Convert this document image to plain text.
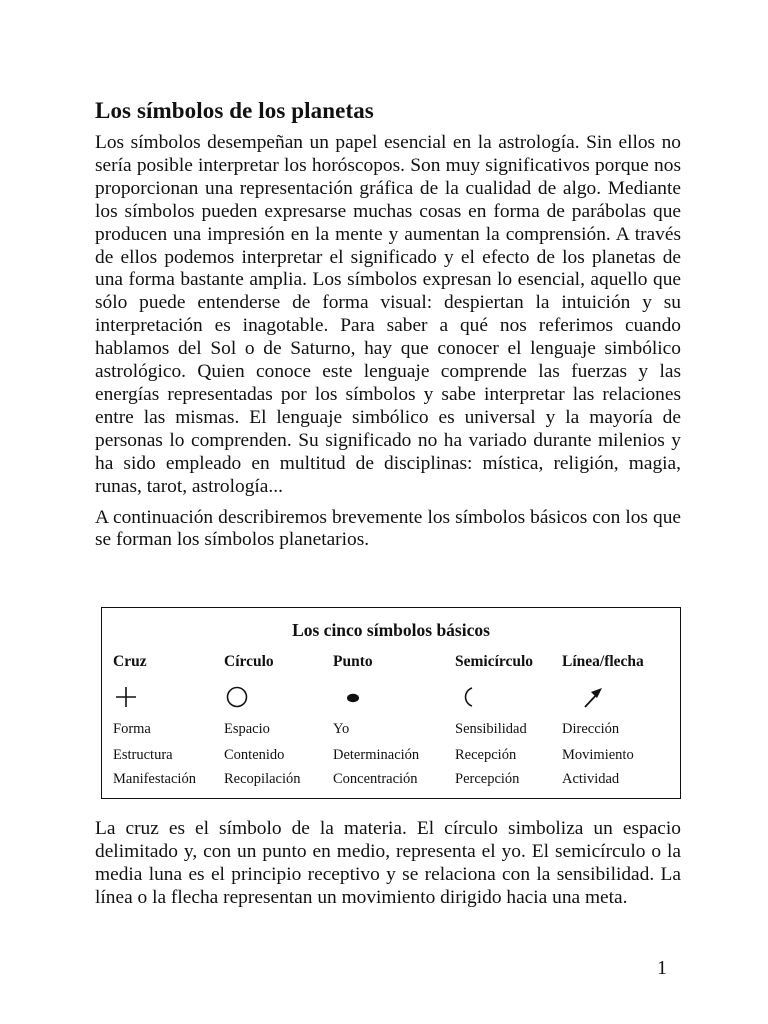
Los símbolos de los planetas

Los símbolos desempeñan un papel esencial en la astrología. Sin ellos no sería posible interpretar los horóscopos. Son muy significativos porque nos proporcionan una representación gráfica de la cualidad de algo. Mediante los símbolos pueden expresarse muchas cosas en forma de parábolas que producen una impresión en la mente y aumentan la comprensión. A través de ellos podemos interpretar el significado y el efecto de los planetas de una forma bastante amplia. Los símbolos expresan lo esencial, aquello que sólo puede entenderse de forma visual: despiertan la intuición y su interpretación es inagotable. Para saber a qué nos referimos cuando hablamos del Sol o de Saturno, hay que conocer el lenguaje simbólico astrológico. Quien conoce este lenguaje comprende las fuerzas y las energías representadas por los símbolos y sabe interpretar las relaciones entre las mismas. El lenguaje simbólico es universal y la mayoría de personas lo comprenden. Su significado no ha variado durante milenios y ha sido empleado en multitud de disciplinas: mística, religión, magia, runas, tarot, astrología...

A continuación describiremos brevemente los símbolos básicos con los que se forman los símbolos planetarios.

Los cinco símbolos básicos
Cruz
Forma
Estructura
Manifestación
Círculo
Espacio
Contenido
Recopilación
Punto
Yo
Determinación
Concentración
Semicírculo
Sensibilidad
Recepción
Percepción
Línea/flecha
Dirección
Movimiento
Actividad

La cruz es el símbolo de la materia. El círculo simboliza un espacio delimitado y, con un punto en medio, representa el yo. El semicírculo o la media luna es el principio receptivo y se relaciona con la sensibilidad. La línea o la flecha representan un movimiento dirigido hacia una meta.

1
